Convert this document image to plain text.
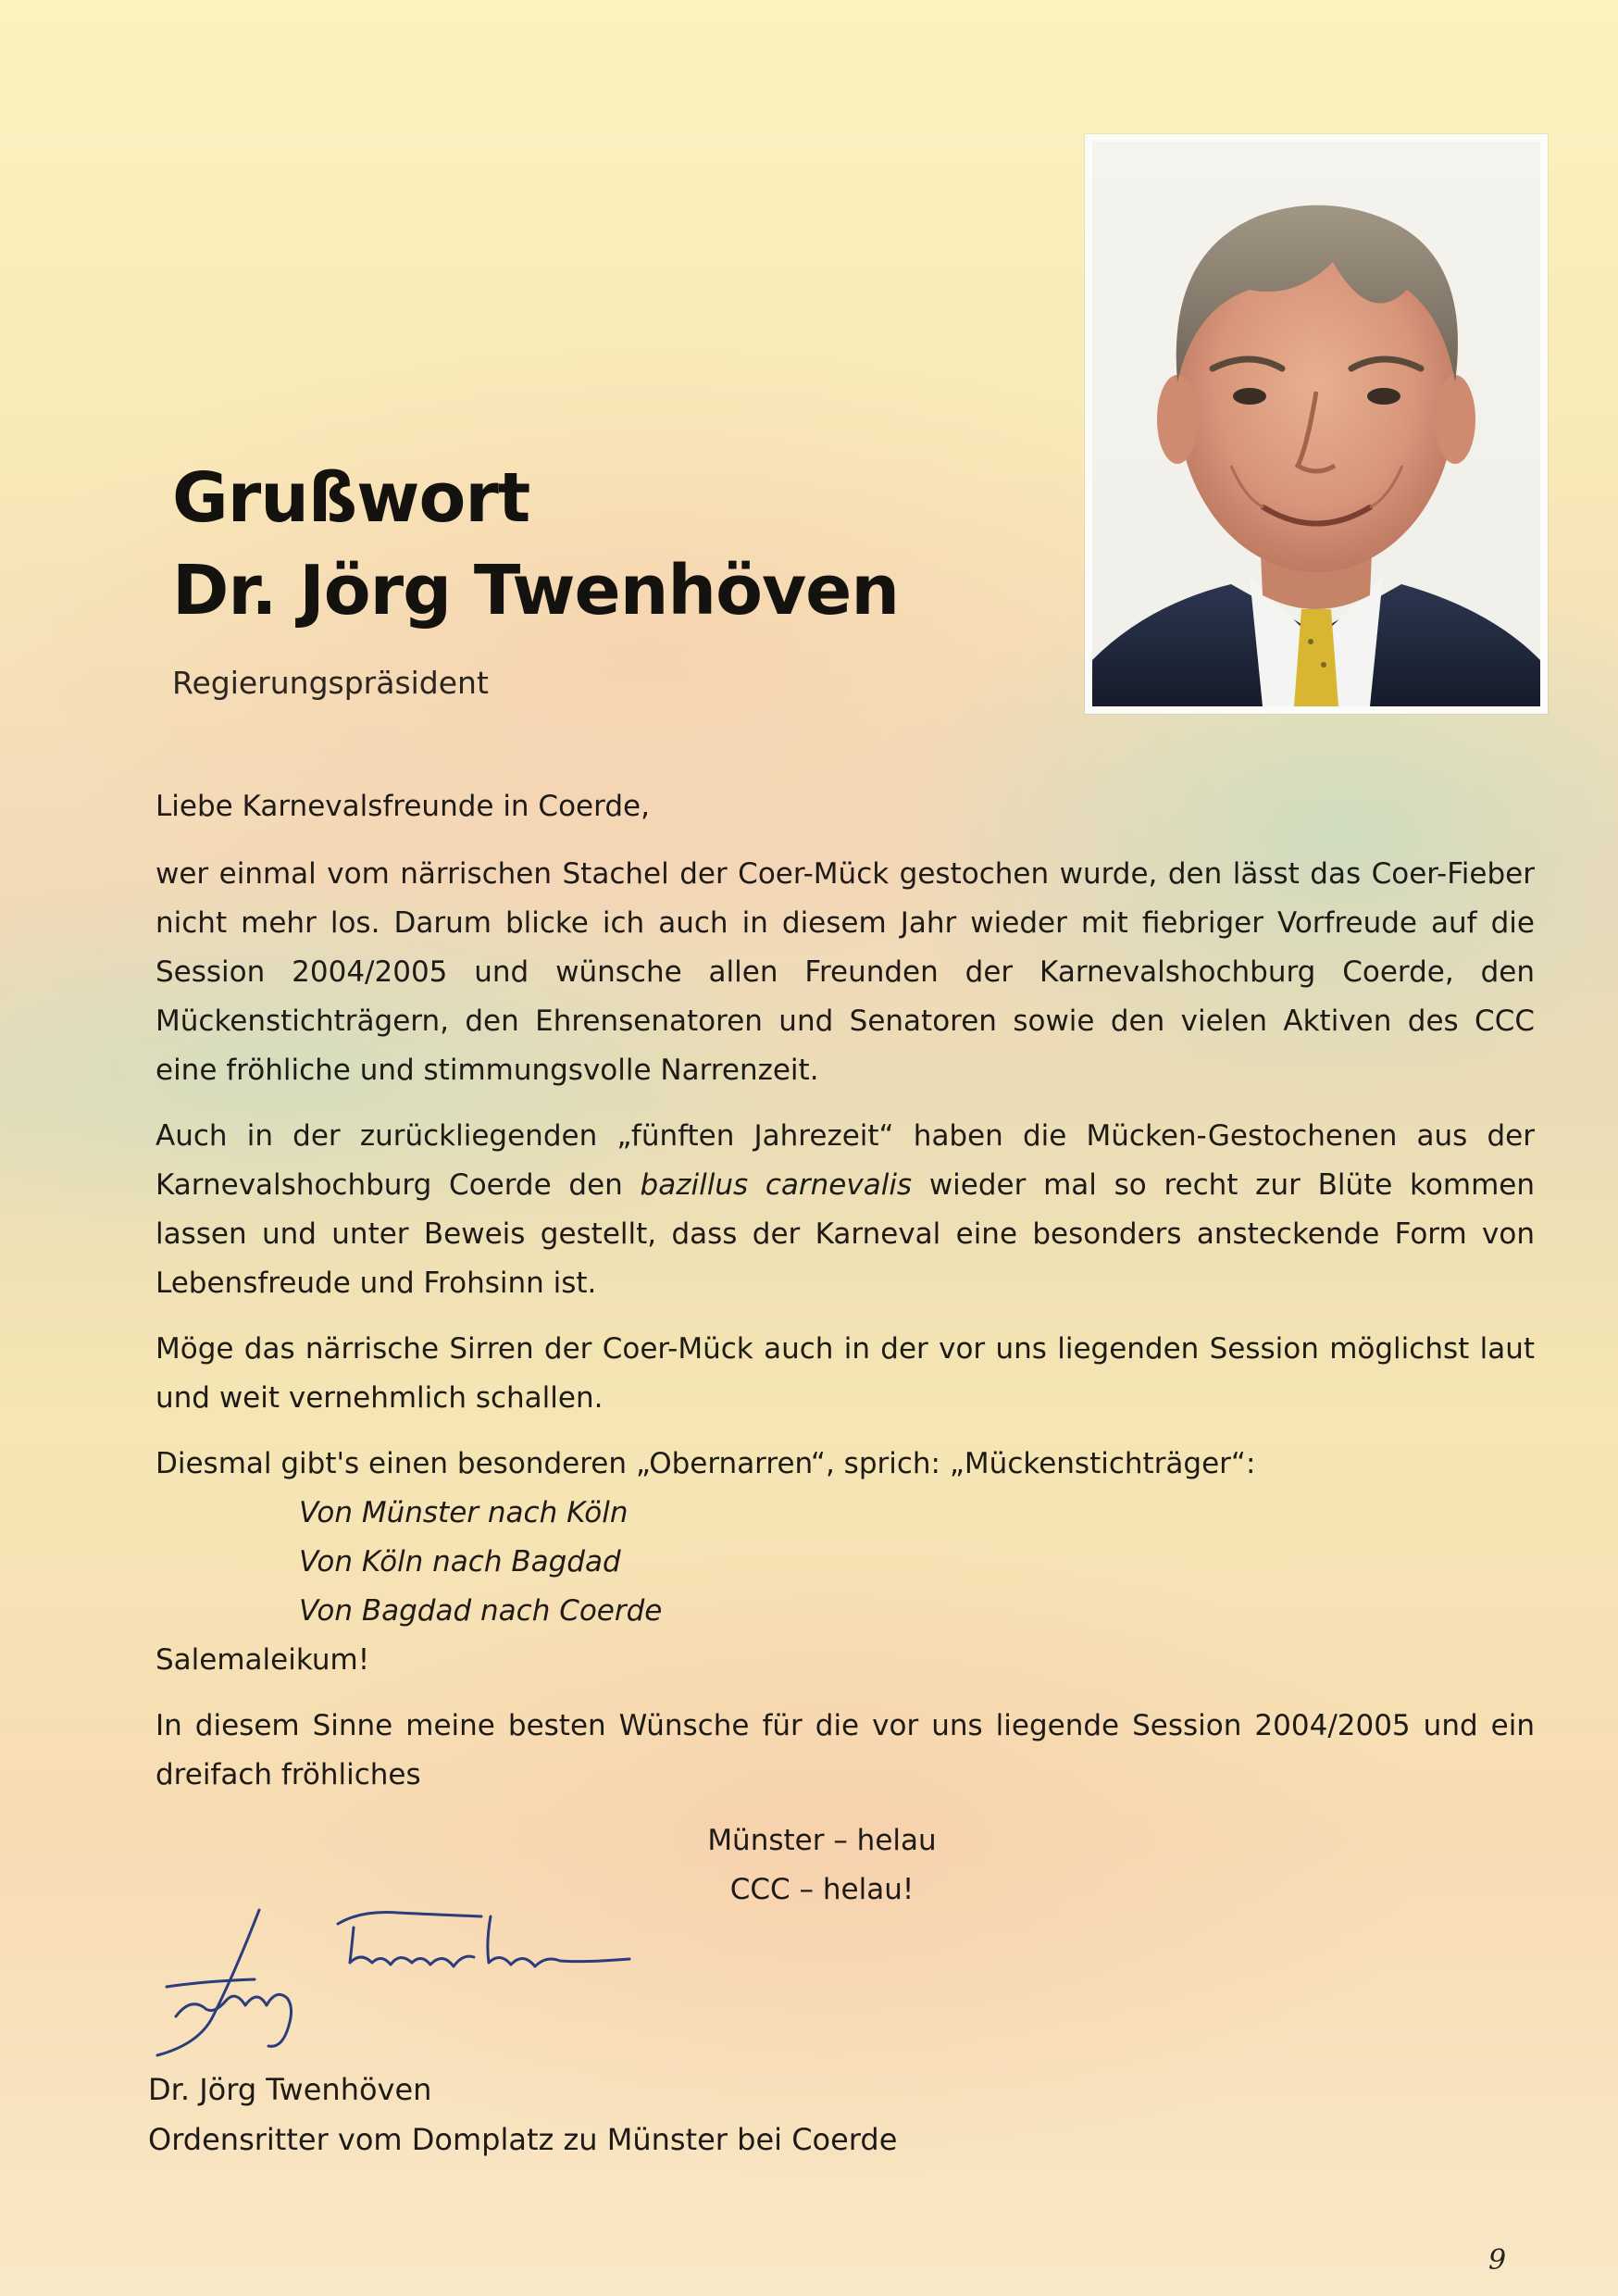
Grußwort
Dr. Jörg Twenhöven
Regierungspräsident

Liebe Karnevalsfreunde in Coerde,

wer einmal vom närrischen Stachel der Coer-Mück gestochen wurde, den lässt das Coer-Fieber nicht mehr los. Darum blicke ich auch in diesem Jahr wieder mit fiebriger Vorfreude auf die Session 2004/2005 und wünsche allen Freunden der Karnevalshochburg Coerde, den Mückenstichträgern, den Ehrensenatoren und Senatoren sowie den vielen Aktiven des CCC eine fröhliche und stimmungsvolle Narrenzeit.

Auch in der zurückliegenden „fünften Jahrezeit“ haben die Mücken-Gestochenen aus der Karnevalshochburg Coerde den bazillus carnevalis wieder mal so recht zur Blüte kommen lassen und unter Beweis gestellt, dass der Karneval eine besonders ansteckende Form von Lebensfreude und Frohsinn ist.

Möge das närrische Sirren der Coer-Mück auch in der vor uns liegenden Session möglichst laut und weit vernehmlich schallen.

Diesmal gibt's einen besonderen „Obernarren“, sprich: „Mückenstichträger“:

Von Münster nach Köln

Von Köln nach Bagdad

Von Bagdad nach Coerde

Salemaleikum!

In diesem Sinne meine besten Wünsche für die vor uns liegende Session 2004/2005 und ein dreifach fröhliches

Münster – helau

CCC – helau!

Dr. Jörg Twenhöven
Ordensritter vom Domplatz zu Münster bei Coerde
9
